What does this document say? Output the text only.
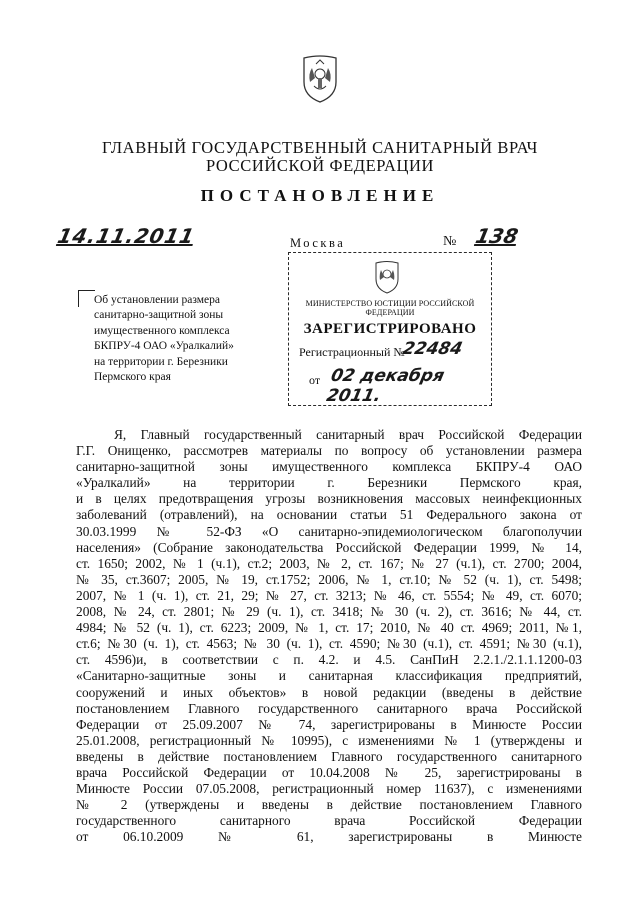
ГЛАВНЫЙ ГОСУДАРСТВЕННЫЙ САНИТАРНЫЙ ВРАЧ
РОССИЙСКОЙ ФЕДЕРАЦИИ
ПОСТАНОВЛЕНИЕ
14.11.2011	Москва	№ 138
Об установлении размера
санитарно-защитной зоны
имущественного комплекса
БКПРУ-4 ОАО «Уралкалий»
на территории г. Березники
Пермского края
МИНИСТЕРСТВО ЮСТИЦИИ РОССИЙСКОЙ ФЕДЕРАЦИИ
ЗАРЕГИСТРИРОВАНО
Регистрационный №
22484
от 02 декабря 2011.
Я, Главный государственный санитарный врач Российской Федерации
Г.Г. Онищенко, рассмотрев материалы по вопросу об установлении размера
санитарно-защитной зоны имущественного комплекса БКПРУ-4 ОАО
«Уралкалий» на территории г. Березники Пермского края,
и в целях предотвращения угрозы возникновения массовых неинфекционных
заболеваний (отравлений), на основании статьи 51 Федерального закона от
30.03.1999 № 52-ФЗ «О санитарно-эпидемиологическом благополучии
населения» (Собрание законодательства Российской Федерации 1999, № 14,
ст. 1650; 2002, № 1 (ч.1), ст.2; 2003, № 2, ст. 167; № 27 (ч.1), ст. 2700; 2004,
№ 35, ст.3607; 2005, № 19, ст.1752; 2006, № 1, ст.10; № 52 (ч. 1), ст. 5498;
2007, № 1 (ч. 1), ст. 21, 29; № 27, ст. 3213; № 46, ст. 5554; № 49, ст. 6070;
2008, № 24, ст. 2801; № 29 (ч. 1), ст. 3418; № 30 (ч. 2), ст. 3616; № 44, ст.
4984; № 52 (ч. 1), ст. 6223; 2009, № 1, ст. 17; 2010, № 40 ст. 4969; 2011, №1,
ст.6; №30 (ч. 1), ст. 4563; № 30 (ч. 1), ст. 4590; №30 (ч.1), ст. 4591; №30 (ч.1),
ст. 4596)и, в соответствии с п. 4.2. и 4.5. СанПиН 2.2.1./2.1.1.1200-03
«Санитарно-защитные зоны и санитарная классификация предприятий,
сооружений и иных объектов» в новой редакции (введены в действие
постановлением Главного государственного санитарного врача Российской
Федерации от 25.09.2007 № 74, зарегистрированы в Минюсте России
25.01.2008, регистрационный № 10995), с изменениями № 1 (утверждены и
введены в действие постановлением Главного государственного санитарного
врача Российской Федерации от 10.04.2008 № 25, зарегистрированы в
Минюсте России 07.05.2008, регистрационный номер 11637), с изменениями
№ 2 (утверждены и введены в действие постановлением Главного
государственного санитарного врача Российской Федерации
от 06.10.2009 № 61, зарегистрированы в Минюсте
